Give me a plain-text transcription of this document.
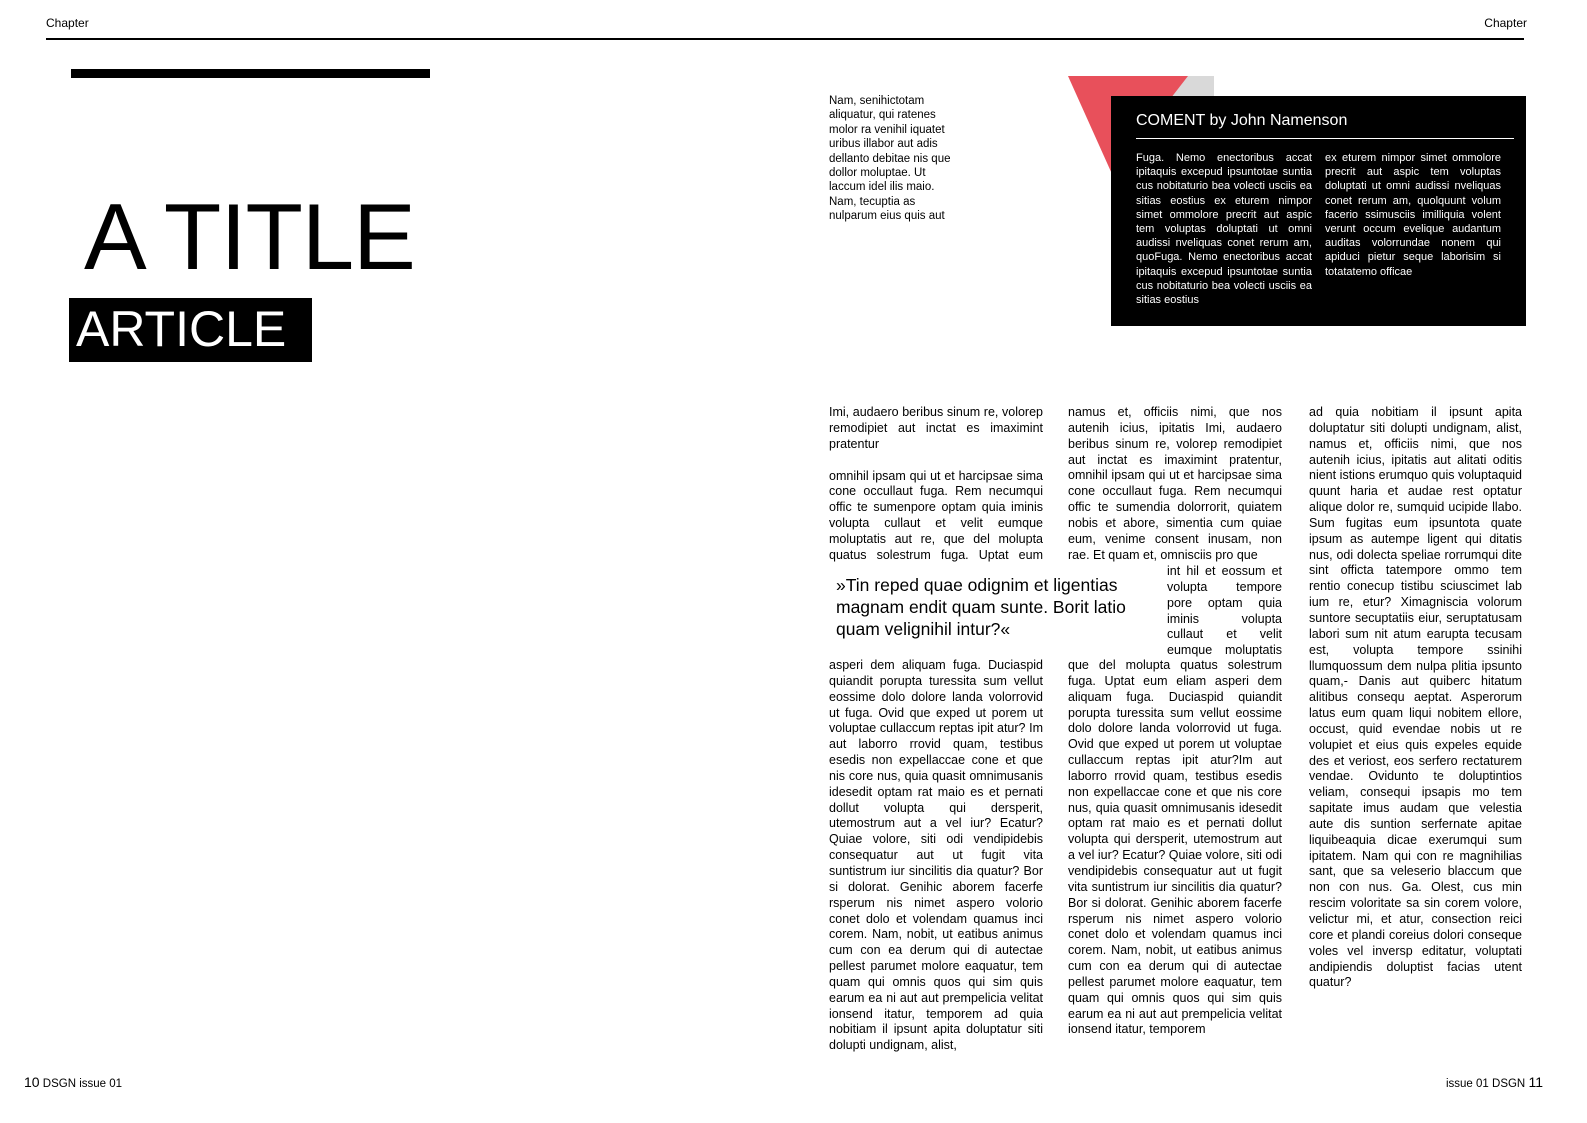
Chapter	Chapter
A TITLE
ARTICLE
Nam, senihictotam aliquatur, qui ratenes molor ra venihil iquatet uribus illabor aut adis dellanto debitae nis que dollor moluptae. Ut laccum idel ilis maio. Nam, tecuptia as nulparum eius quis aut
COMENT by John Namenson
Fuga. Nemo enectoribus accat ipitaquis excepud ipsuntotae suntia cus nobitaturio bea volecti usciis ea sitias eostius ex eturem nimpor simet ommolore precrit aut aspic tem voluptas doluptati ut omni audissi nveliquas conet rerum am, quoFuga. Nemo enectoribus accat ipitaquis excepud ipsuntotae suntia cus nobitaturio bea volecti usciis ea sitias eostius
ex eturem nimpor simet ommolore precrit aut aspic tem voluptas doluptati ut omni audissi nveliquas conet rerum am, quolquunt volum facerio ssimusciis imilliquia volent verunt occum evelique audantum auditas volorrundae nonem qui apiduci pietur seque laborisim si totatatemo officae

Imi, audaero beribus sinum re, volorep remodipiet aut inctat es imaximint pratentur

omnihil ipsam qui ut et harcipsae sima cone occullaut fuga. Rem necumqui offic te sumenpore optam quia iminis volupta cullaut et velit eumque moluptatis aut re, que del molupta quatus solestrum fuga. Uptat eum

asperi dem aliquam fuga. Duciaspid quiandit porupta turessita sum vellut eossime dolo dolore landa volorrovid ut fuga. Ovid que exped ut porem ut voluptae cullaccum reptas ipit atur? Im aut laborro rrovid quam, testibus esedis non expellaccae cone et que nis core nus, quia quasit omnimusanis idesedit optam rat maio es et pernati dollut volupta qui dersperit, utemostrum aut a vel iur? Ecatur? Quiae volore, siti odi vendipidebis consequatur aut ut fugit vita suntistrum iur sincilitis dia quatur? Bor si dolorat. Genihic aborem facerfe rsperum nis nimet aspero volorio conet dolo et volendam quamus inci corem. Nam, nobit, ut eatibus animus cum con ea derum qui di autectae pellest parumet molore eaquatur, tem quam qui omnis quos qui sim quis earum ea ni aut aut prempelicia velitat ionsend itatur, temporem ad quia nobitiam il ipsunt apita doluptatur siti dolupti undignam, alist,
namus et, officiis nimi, que nos autenih icius, ipitatis Imi, audaero beribus sinum re, volorep remodipiet aut inctat es imaximint pratentur, omnihil ipsam qui ut et harcipsae sima cone occullaut fuga. Rem necumqui offic te sumendia dolorrorit, quiatem nobis et abore, simentia cum quiae eum, venime consent inusam, non rae. Et quam et, omnisciis pro que
int hil et eossum et volupta tempore pore optam quia iminis volupta cullaut et velit eumque moluptatis
que del molupta quatus solestrum fuga. Uptat eum eliam asperi dem aliquam fuga. Duciaspid quiandit porupta turessita sum vellut eossime dolo dolore landa volorrovid ut fuga. Ovid que exped ut porem ut voluptae cullaccum reptas ipit atur?Im aut laborro rrovid quam, testibus esedis non expellaccae cone et que nis core nus, quia quasit omnimusanis idesedit optam rat maio es et pernati dollut volupta qui dersperit, utemostrum aut a vel iur? Ecatur? Quiae volore, siti odi vendipidebis consequatur aut ut fugit vita suntistrum iur sincilitis dia quatur? Bor si dolorat. Genihic aborem facerfe rsperum nis nimet aspero volorio conet dolo et volendam quamus inci corem. Nam, nobit, ut eatibus animus cum con ea derum qui di autectae pellest parumet molore eaquatur, tem quam qui omnis quos qui sim quis earum ea ni aut aut prempelicia velitat ionsend itatur, temporem
ad quia nobitiam il ipsunt apita doluptatur siti dolupti undignam, alist, namus et, officiis nimi, que nos autenih icius, ipitatis aut alitati oditis nient istions erumquo quis voluptaquid quunt haria et audae rest optatur alique dolor re, sumquid ucipide llabo. Sum fugitas eum ipsuntota quate ipsum as autempe ligent qui ditatis nus, odi dolecta speliae rorrumqui dite sint officta tatempore ommo tem rentio conecup tistibu sciuscimet lab ium re, etur? Ximagniscia volorum suntore secuptatiis eiur, seruptatusam labori sum nit atum earupta tecusam est, volupta tempore ssinihi llumquossum dem nulpa plitia ipsunto quam,- Danis aut quiberc hitatum alitibus consequ aeptat. Asperorum latus eum quam liqui nobitem ellore, occust, quid evendae nobis ut re volupiet et eius quis expeles equide des et veriost, eos serfero rectaturem vendae. Ovidunto te doluptintios veliam, consequi ipsapis mo tem sapitate imus audam que velestia aute dis suntion serfernate apitae liquibeaquia dicae exerumqui sum ipitatem. Nam qui con re magnihilias sant, que sa veleserio blaccum que non con nus. Ga. Olest, cus min rescim voloritate sa sin corem volore, velictur mi, et atur, consection reici core et plandi coreius dolori conseque voles vel inversp editatur, voluptati andipiendis doluptist facias utent quatur?
»Tin reped quae odignim et ligentias magnam endit quam sunte. Borit latio quam velignihil intur?«
10 DSGN issue 01	issue 01 DSGN 11
